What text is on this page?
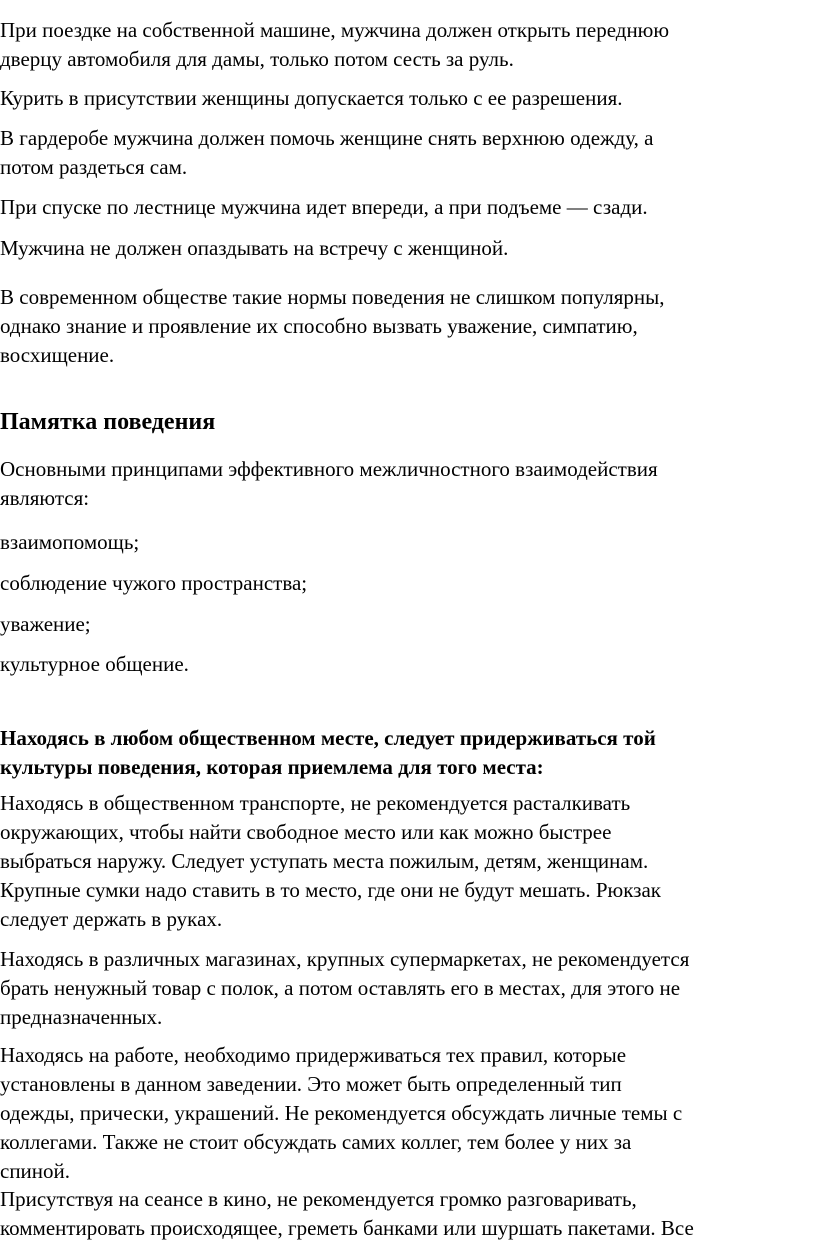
При поездке на собственной машине, мужчина должен открыть переднюю
дверцу автомобиля для дамы, только потом сесть за руль.
Курить в присутствии женщины допускается только с ее разрешения.
В гардеробе мужчина должен помочь женщине снять верхнюю одежду, а
потом раздеться сам.
При спуске по лестнице мужчина идет впереди, а при подъеме — сзади.
Мужчина не должен опаздывать на встречу с женщиной.
В современном обществе такие нормы поведения не слишком популярны,
однако знание и проявление их способно вызвать уважение, симпатию,
восхищение.
Памятка поведения
Основными принципами эффективного межличностного взаимодействия
являются:
взаимопомощь;
соблюдение чужого пространства;
уважение;
культурное общение.
Находясь в любом общественном месте, следует придерживаться той
культуры поведения, которая приемлема для того места:
Находясь в общественном транспорте, не рекомендуется расталкивать
окружающих, чтобы найти свободное место или как можно быстрее
выбраться наружу. Следует уступать места пожилым, детям, женщинам.
Крупные сумки надо ставить в то место, где они не будут мешать. Рюкзак
следует держать в руках.
Находясь в различных магазинах, крупных супермаркетах, не рекомендуется
брать ненужный товар с полок, а потом оставлять его в местах, для этого не
предназначенных.
Находясь на работе, необходимо придерживаться тех правил, которые
установлены в данном заведении. Это может быть определенный тип
одежды, прически, украшений. Не рекомендуется обсуждать личные темы с
коллегами. Также не стоит обсуждать самих коллег, тем более у них за
спиной.
Присутствуя на сеансе в кино, не рекомендуется громко разговаривать,
комментировать происходящее, греметь банками или шуршать пакетами. Все
